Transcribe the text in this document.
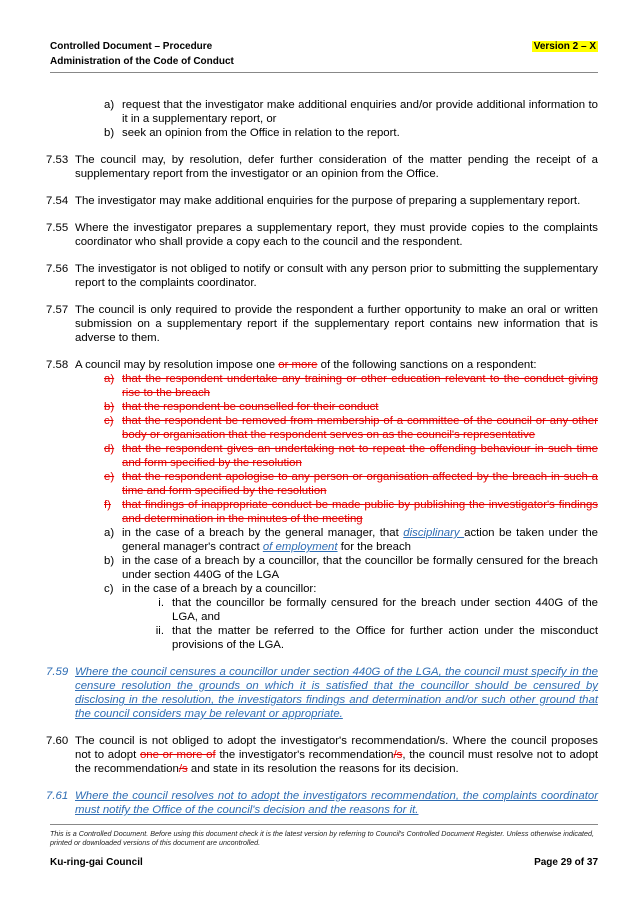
Controlled Document – Procedure	Version 2 – X
Administration of the Code of Conduct
a) request that the investigator make additional enquiries and/or provide additional information to it in a supplementary report, or
b) seek an opinion from the Office in relation to the report.
7.53 The council may, by resolution, defer further consideration of the matter pending the receipt of a supplementary report from the investigator or an opinion from the Office.
7.54 The investigator may make additional enquiries for the purpose of preparing a supplementary report.
7.55 Where the investigator prepares a supplementary report, they must provide copies to the complaints coordinator who shall provide a copy each to the council and the respondent.
7.56 The investigator is not obliged to notify or consult with any person prior to submitting the supplementary report to the complaints coordinator.
7.57 The council is only required to provide the respondent a further opportunity to make an oral or written submission on a supplementary report if the supplementary report contains new information that is adverse to them.
7.58 A council may by resolution impose one or more of the following sanctions on a respondent:
a) that the respondent undertake any training or other education relevant to the conduct giving rise to the breach
b) that the respondent be counselled for their conduct
c) that the respondent be removed from membership of a committee of the council or any other body or organisation that the respondent serves on as the council's representative
d) that the respondent gives an undertaking not to repeat the offending behaviour in such time and form specified by the resolution
e) that the respondent apologise to any person or organisation affected by the breach in such a time and form specified by the resolution
f) that findings of inappropriate conduct be made public by publishing the investigator's findings and determination in the minutes of the meeting
a) in the case of a breach by the general manager, that disciplinary action be taken under the general manager's contract of employment for the breach
b) in the case of a breach by a councillor, that the councillor be formally censured for the breach under section 440G of the LGA
c) in the case of a breach by a councillor:
i. that the councillor be formally censured for the breach under section 440G of the LGA, and
ii. that the matter be referred to the Office for further action under the misconduct provisions of the LGA.
7.59 Where the council censures a councillor under section 440G of the LGA, the council must specify in the censure resolution the grounds on which it is satisfied that the councillor should be censured by disclosing in the resolution, the investigators findings and determination and/or such other ground that the council considers may be relevant or appropriate.
7.60 The council is not obliged to adopt the investigator's recommendation/s. Where the council proposes not to adopt one or more of the investigator's recommendation/s, the council must resolve not to adopt the recommendation/s and state in its resolution the reasons for its decision.
7.61 Where the council resolves not to adopt the investigators recommendation, the complaints coordinator must notify the Office of the council's decision and the reasons for it.
This is a Controlled Document. Before using this document check it is the latest version by referring to Council's Controlled Document Register. Unless otherwise indicated, printed or downloaded versions of this document are uncontrolled.
Ku-ring-gai Council	Page 29 of 37
